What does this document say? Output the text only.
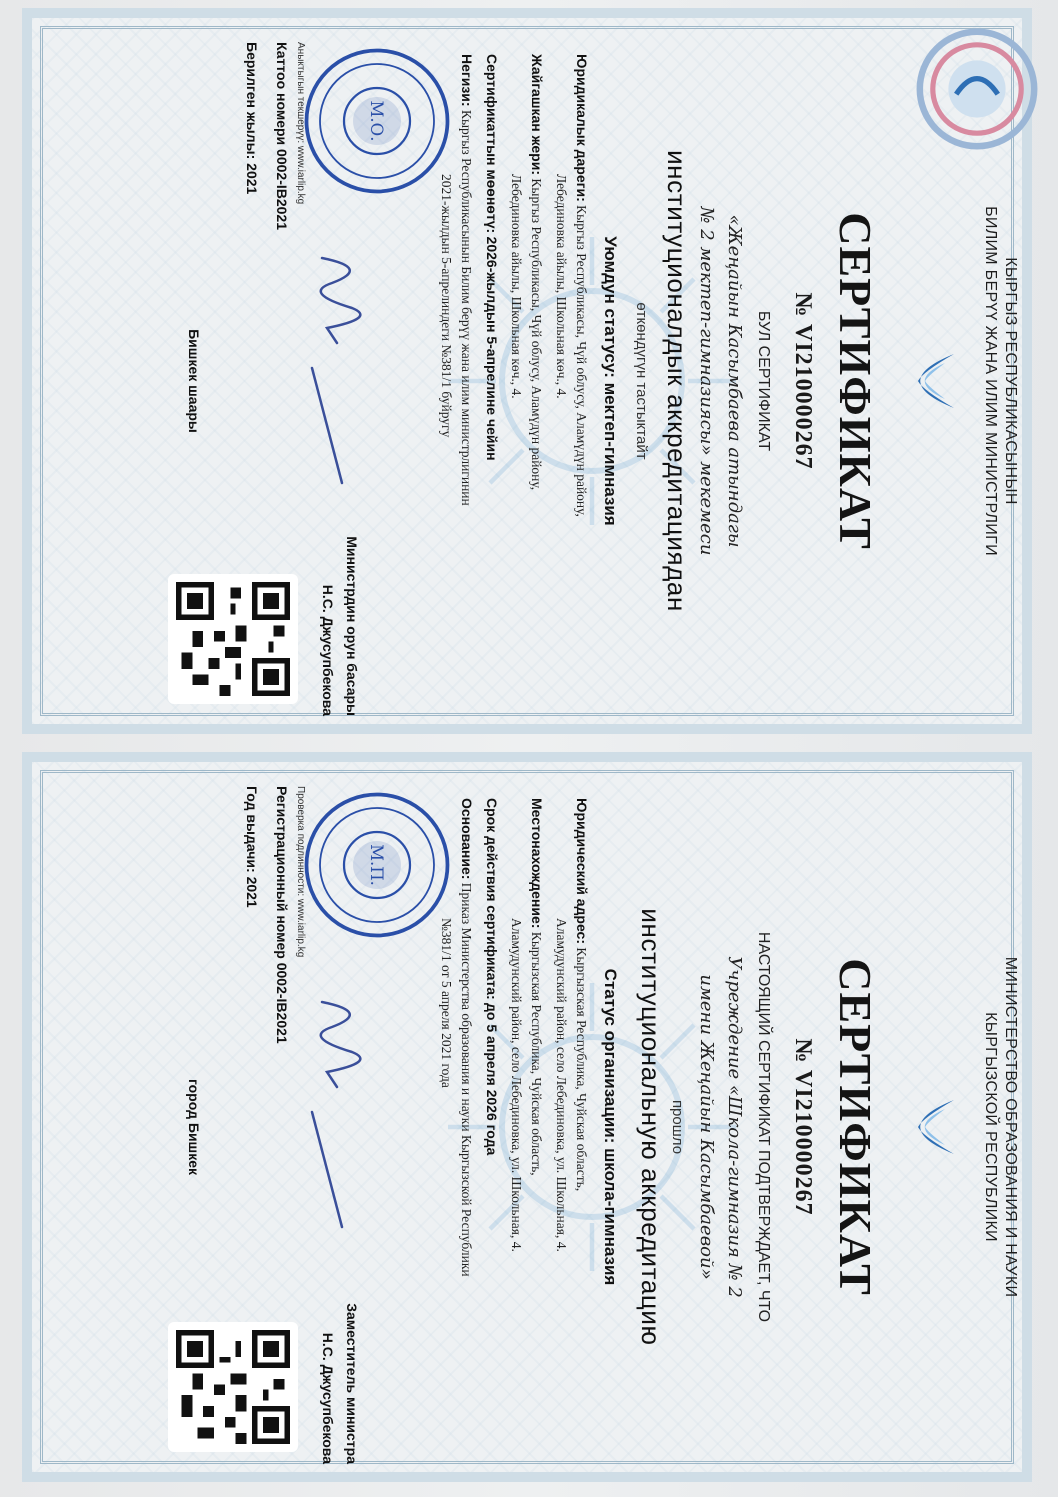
КЫРГЫЗ РЕСПУБЛИКАСЫНЫН
БИЛИМ БЕРҮҮ ЖАНА ИЛИМ МИНИСТРЛИГИ
СЕРТИФИКАТ
№ VI210000267
БУЛ СЕРТИФИКАТ
«Жеңайын Касымбаева атындагы
№ 2 мектеп-гимназиясы» мекемеси
институционалдык аккредитациядан
өткөндүгүн тастыктайт
Уюмдун статусу: мектеп-гимназия
Юридикалык дареги: Кыргыз Республикасы, Чүй облусу, Аламүдүн району,
Лебединовка айылы, Школьная көч., 4.
Жайгашкан жери: Кыргыз Республикасы, Чүй облусу, Аламүдүн району,
Лебединовка айылы, Школьная көч., 4.
Сертификаттын мөөнөтү: 2026-жылдын 5-апрелине чейин
Негизи: Кыргыз Республикасынын Билим берүү жана илим министрлигинин
2021-жылдын 5-апрелиндеги №381/1 буйругу
М.О.
Аныктыгын текшерүү: www.iarlip.kg
Каттоо номери 0002-IB2021
Берилген жылы: 2021
Министрдин орун басары
Н.С. Джусупбекова
Бишкек шаары
МИНИСТЕРСТВО ОБРАЗОВАНИЯ И НАУКИ
КЫРГЫЗСКОЙ РЕСПУБЛИКИ
СЕРТИФИКАТ
№ VI210000267
НАСТОЯЩИЙ СЕРТИФИКАТ ПОДТВЕРЖДАЕТ, ЧТО
Учреждение «Школа-гимназия № 2
имени Жеңайын Касымбаевой»
прошло
институциональную аккредитацию
Статус организации: школа-гимназия
Юридический адрес: Кыргызская Республика, Чуйская область,
Аламудунский район, село Лебединовка, ул. Школьная, 4.
Местонахождение: Кыргызская Республика, Чуйская область,
Аламудунский район, село Лебединовка, ул. Школьная, 4.
Срок действия сертификата: до 5 апреля 2026 года
Основание: Приказ Министерства образования и науки Кыргызской Республики
№381/1 от 5 апреля 2021 года
М.П.
Проверка подлинности: www.iarlip.kg
Регистрационный номер 0002-IB2021
Год выдачи: 2021
Заместитель министра
Н.С. Джусупбекова
город Бишкек
